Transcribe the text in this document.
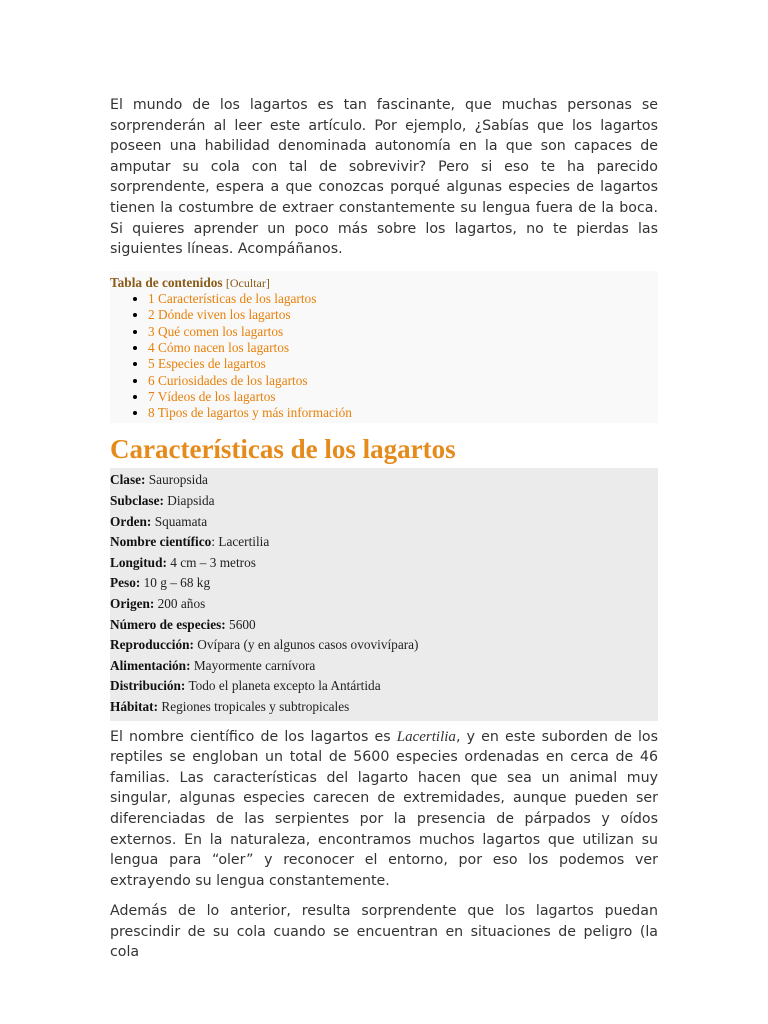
El mundo de los lagartos es tan fascinante, que muchas personas se sorprenderán al leer este artículo. Por ejemplo, ¿Sabías que los lagartos poseen una habilidad denominada autonomía en la que son capaces de amputar su cola con tal de sobrevivir? Pero si eso te ha parecido sorprendente, espera a que conozcas porqué algunas especies de lagartos tienen la costumbre de extraer constantemente su lengua fuera de la boca. Si quieres aprender un poco más sobre los lagartos, no te pierdas las siguientes líneas. Acompáñanos.

Tabla de contenidos [Ocultar]
• 1 Características de los lagartos
• 2 Dónde viven los lagartos
• 3 Qué comen los lagartos
• 4 Cómo nacen los lagartos
• 5 Especies de lagartos
• 6 Curiosidades de los lagartos
• 7 Vídeos de los lagartos
• 8 Tipos de lagartos y más información
Características de los lagartos
Clase: Sauropsida
Subclase: Diapsida
Orden: Squamata
Nombre científico: Lacertilia
Longitud: 4 cm – 3 metros
Peso: 10 g – 68 kg
Origen: 200 años
Número de especies: 5600
Reproducción: Ovípara (y en algunos casos ovovivípara)
Alimentación: Mayormente carnívora
Distribución: Todo el planeta excepto la Antártida
Hábitat: Regiones tropicales y subtropicales

El nombre científico de los lagartos es Lacertilia, y en este suborden de los reptiles se engloban un total de 5600 especies ordenadas en cerca de 46 familias. Las características del lagarto hacen que sea un animal muy singular, algunas especies carecen de extremidades, aunque pueden ser diferenciadas de las serpientes por la presencia de párpados y oídos externos. En la naturaleza, encontramos muchos lagartos que utilizan su lengua para “oler” y reconocer el entorno, por eso los podemos ver extrayendo su lengua constantemente.

Además de lo anterior, resulta sorprendente que los lagartos puedan prescindir de su cola cuando se encuentran en situaciones de peligro (la cola
